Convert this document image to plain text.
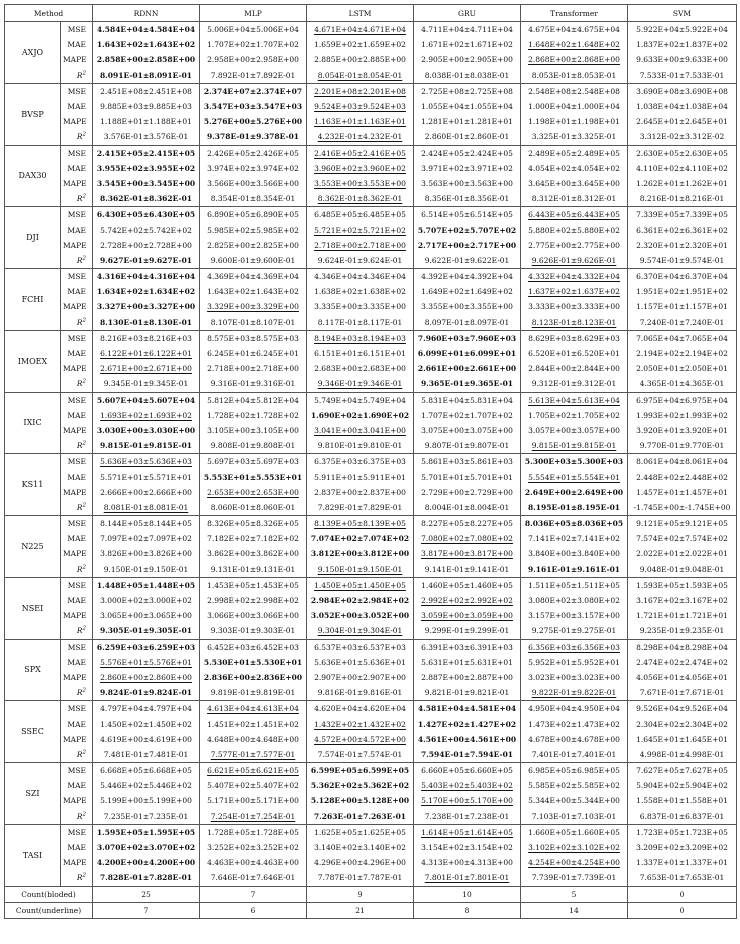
Method		RDNN	MLP	LSTM	GRU	Transformer	SVM
AXJO	MSE	4.584E+04±4.584E+04	5.006E+04±5.006E+04	4.671E+04±4.671E+04	4.711E+04±4.711E+04	4.675E+04±4.675E+04	5.922E+04±5.922E+04
	MAE	1.643E+02±1.643E+02	1.707E+02±1.707E+02	1.659E+02±1.659E+02	1.671E+02±1.671E+02	1.648E+02±1.648E+02	1.837E+02±1.837E+02
	MAPE	2.858E+00±2.858E+00	2.958E+00±2.958E+00	2.885E+00±2.885E+00	2.905E+00±2.905E+00	2.868E+00±2.868E+00	9.633E+00±9.633E+00
	$R^2$	8.091E-01±8.091E-01	7.892E-01±7.892E-01	8.054E-01±8.054E-01	8.038E-01±8.038E-01	8.053E-01±8.053E-01	7.533E-01±7.533E-01
BVSP	MSE	2.451E+08±2.451E+08	2.374E+07±2.374E+07	2.201E+08±2.201E+08	2.725E+08±2.725E+08	2.548E+08±2.548E+08	3.690E+08±3.690E+08
	MAE	9.885E+03±9.885E+03	3.547E+03±3.547E+03	9.524E+03±9.524E+03	1.055E+04±1.055E+04	1.000E+04±1.000E+04	1.038E+04±1.038E+04
	MAPE	1.188E+01±1.188E+01	5.276E+00±5.276E+00	1.163E+01±1.163E+01	1.281E+01±1.281E+01	1.198E+01±1.198E+01	2.645E+01±2.645E+01
	$R^2$	3.576E-01±3.576E-01	9.378E-01±9.378E-01	4.232E-01±4.232E-01	2.860E-01±2.860E-01	3.325E-01±3.325E-01	3.312E-02±3.312E-02
DAX30	MSE	2.415E+05±2.415E+05	2.426E+05±2.426E+05	2.416E+05±2.416E+05	2.424E+05±2.424E+05	2.489E+05±2.489E+05	2.630E+05±2.630E+05
	MAE	3.955E+02±3.955E+02	3.974E+02±3.974E+02	3.960E+02±3.960E+02	3.971E+02±3.971E+02	4.054E+02±4.054E+02	4.110E+02±4.110E+02
	MAPE	3.545E+00±3.545E+00	3.566E+00±3.566E+00	3.553E+00±3.553E+00	3.563E+00±3.563E+00	3.645E+00±3.645E+00	1.262E+01±1.262E+01
	$R^2$	8.362E-01±8.362E-01	8.354E-01±8.354E-01	8.362E-01±8.362E-01	8.356E-01±8.356E-01	8.312E-01±8.312E-01	8.216E-01±8.216E-01
DJI	MSE	6.430E+05±6.430E+05	6.890E+05±6.890E+05	6.485E+05±6.485E+05	6.514E+05±6.514E+05	6.443E+05±6.443E+05	7.339E+05±7.339E+05
	MAE	5.742E+02±5.742E+02	5.985E+02±5.985E+02	5.721E+02±5.721E+02	5.707E+02±5.707E+02	5.880E+02±5.880E+02	6.361E+02±6.361E+02
	MAPE	2.728E+00±2.728E+00	2.825E+00±2.825E+00	2.718E+00±2.718E+00	2.717E+00±2.717E+00	2.775E+00±2.775E+00	2.320E+01±2.320E+01
	$R^2$	9.627E-01±9.627E-01	9.600E-01±9.600E-01	9.624E-01±9.624E-01	9.622E-01±9.622E-01	9.626E-01±9.626E-01	9.574E-01±9.574E-01
FCHI	MSE	4.316E+04±4.316E+04	4.369E+04±4.369E+04	4.346E+04±4.346E+04	4.392E+04±4.392E+04	4.332E+04±4.332E+04	6.370E+04±6.370E+04
	MAE	1.634E+02±1.634E+02	1.643E+02±1.643E+02	1.638E+02±1.638E+02	1.649E+02±1.649E+02	1.637E+02±1.637E+02	1.951E+02±1.951E+02
	MAPE	3.327E+00±3.327E+00	3.329E+00±3.329E+00	3.335E+00±3.335E+00	3.355E+00±3.355E+00	3.333E+00±3.333E+00	1.157E+01±1.157E+01
	$R^2$	8.130E-01±8.130E-01	8.107E-01±8.107E-01	8.117E-01±8.117E-01	8.097E-01±8.097E-01	8.123E-01±8.123E-01	7.240E-01±7.240E-01
IMOEX	MSE	8.216E+03±8.216E+03	8.575E+03±8.575E+03	8.194E+03±8.194E+03	7.960E+03±7.960E+03	8.629E+03±8.629E+03	7.065E+04±7.065E+04
	MAE	6.122E+01±6.122E+01	6.245E+01±6.245E+01	6.151E+01±6.151E+01	6.099E+01±6.099E+01	6.520E+01±6.520E+01	2.194E+02±2.194E+02
	MAPE	2.671E+00±2.671E+00	2.718E+00±2.718E+00	2.683E+00±2.683E+00	2.661E+00±2.661E+00	2.844E+00±2.844E+00	2.050E+01±2.050E+01
	$R^2$	9.345E-01±9.345E-01	9.316E-01±9.316E-01	9.346E-01±9.346E-01	9.365E-01±9.365E-01	9.312E-01±9.312E-01	4.365E-01±4.365E-01
IXIC	MSE	5.607E+04±5.607E+04	5.812E+04±5.812E+04	5.749E+04±5.749E+04	5.831E+04±5.831E+04	5.613E+04±5.613E+04	6.975E+04±6.975E+04
	MAE	1.693E+02±1.693E+02	1.728E+02±1.728E+02	1.690E+02±1.690E+02	1.707E+02±1.707E+02	1.705E+02±1.705E+02	1.993E+02±1.993E+02
	MAPE	3.030E+00±3.030E+00	3.105E+00±3.105E+00	3.041E+00±3.041E+00	3.075E+00±3.075E+00	3.057E+00±3.057E+00	3.920E+01±3.920E+01
	$R^2$	9.815E-01±9.815E-01	9.808E-01±9.808E-01	9.810E-01±9.810E-01	9.807E-01±9.807E-01	9.815E-01±9.815E-01	9.770E-01±9.770E-01
KS11	MSE	5.636E+03±5.636E+03	5.697E+03±5.697E+03	6.375E+03±6.375E+03	5.861E+03±5.861E+03	5.300E+03±5.300E+03	8.061E+04±8.061E+04
	MAE	5.571E+01±5.571E+01	5.553E+01±5.553E+01	5.911E+01±5.911E+01	5.701E+01±5.701E+01	5.554E+01±5.554E+01	2.448E+02±2.448E+02
	MAPE	2.666E+00±2.666E+00	2.653E+00±2.653E+00	2.837E+00±2.837E+00	2.729E+00±2.729E+00	2.649E+00±2.649E+00	1.457E+01±1.457E+01
	$R^2$	8.081E-01±8.081E-01	8.060E-01±8.060E-01	7.829E-01±7.829E-01	8.004E-01±8.004E-01	8.195E-01±8.195E-01	-1.745E+00±-1.745E+00
N225	MSE	8.144E+05±8.144E+05	8.326E+05±8.326E+05	8.139E+05±8.139E+05	8.227E+05±8.227E+05	8.036E+05±8.036E+05	9.121E+05±9.121E+05
	MAE	7.097E+02±7.097E+02	7.182E+02±7.182E+02	7.074E+02±7.074E+02	7.080E+02±7.080E+02	7.141E+02±7.141E+02	7.574E+02±7.574E+02
	MAPE	3.826E+00±3.826E+00	3.862E+00±3.862E+00	3.812E+00±3.812E+00	3.817E+00±3.817E+00	3.840E+00±3.840E+00	2.022E+01±2.022E+01
	$R^2$	9.150E-01±9.150E-01	9.131E-01±9.131E-01	9.150E-01±9.150E-01	9.141E-01±9.141E-01	9.161E-01±9.161E-01	9.048E-01±9.048E-01
NSEI	MSE	1.448E+05±1.448E+05	1.453E+05±1.453E+05	1.450E+05±1.450E+05	1.460E+05±1.460E+05	1.511E+05±1.511E+05	1.593E+05±1.593E+05
	MAE	3.000E+02±3.000E+02	2.998E+02±2.998E+02	2.984E+02±2.984E+02	2.992E+02±2.992E+02	3.080E+02±3.080E+02	3.167E+02±3.167E+02
	MAPE	3.065E+00±3.065E+00	3.066E+00±3.066E+00	3.052E+00±3.052E+00	3.059E+00±3.059E+00	3.157E+00±3.157E+00	1.721E+01±1.721E+01
	$R^2$	9.305E-01±9.305E-01	9.303E-01±9.303E-01	9.304E-01±9.304E-01	9.299E-01±9.299E-01	9.275E-01±9.275E-01	9.235E-01±9.235E-01
SPX	MSE	6.259E+03±6.259E+03	6.452E+03±6.452E+03	6.537E+03±6.537E+03	6.391E+03±6.391E+03	6.356E+03±6.356E+03	8.298E+04±8.298E+04
	MAE	5.576E+01±5.576E+01	5.530E+01±5.530E+01	5.636E+01±5.636E+01	5.631E+01±5.631E+01	5.952E+01±5.952E+01	2.474E+02±2.474E+02
	MAPE	2.860E+00±2.860E+00	2.836E+00±2.836E+00	2.907E+00±2.907E+00	2.887E+00±2.887E+00	3.023E+00±3.023E+00	4.056E+01±4.056E+01
	$R^2$	9.824E-01±9.824E-01	9.819E-01±9.819E-01	9.816E-01±9.816E-01	9.821E-01±9.821E-01	9.822E-01±9.822E-01	7.671E-01±7.671E-01
SSEC	MSE	4.797E+04±4.797E+04	4.613E+04±4.613E+04	4.620E+04±4.620E+04	4.581E+04±4.581E+04	4.950E+04±4.950E+04	9.526E+04±9.526E+04
	MAE	1.450E+02±1.450E+02	1.451E+02±1.451E+02	1.432E+02±1.432E+02	1.427E+02±1.427E+02	1.473E+02±1.473E+02	2.304E+02±2.304E+02
	MAPE	4.619E+00±4.619E+00	4.648E+00±4.648E+00	4.572E+00±4.572E+00	4.561E+00±4.561E+00	4.678E+00±4.678E+00	1.645E+01±1.645E+01
	$R^2$	7.481E-01±7.481E-01	7.577E-01±7.577E-01	7.574E-01±7.574E-01	7.594E-01±7.594E-01	7.401E-01±7.401E-01	4.998E-01±4.998E-01
SZI	MSE	6.668E+05±6.668E+05	6.621E+05±6.621E+05	6.599E+05±6.599E+05	6.660E+05±6.660E+05	6.985E+05±6.985E+05	7.627E+05±7.627E+05
	MAE	5.446E+02±5.446E+02	5.407E+02±5.407E+02	5.362E+02±5.362E+02	5.403E+02±5.403E+02	5.585E+02±5.585E+02	5.904E+02±5.904E+02
	MAPE	5.199E+00±5.199E+00	5.171E+00±5.171E+00	5.128E+00±5.128E+00	5.170E+00±5.170E+00	5.344E+00±5.344E+00	1.558E+01±1.558E+01
	$R^2$	7.235E-01±7.235E-01	7.254E-01±7.254E-01	7.263E-01±7.263E-01	7.238E-01±7.238E-01	7.103E-01±7.103E-01	6.837E-01±6.837E-01
TASI	MSE	1.595E+05±1.595E+05	1.728E+05±1.728E+05	1.625E+05±1.625E+05	1.614E+05±1.614E+05	1.660E+05±1.660E+05	1.723E+05±1.723E+05
	MAE	3.070E+02±3.070E+02	3.252E+02±3.252E+02	3.140E+02±3.140E+02	3.154E+02±3.154E+02	3.102E+02±3.102E+02	3.209E+02±3.209E+02
	MAPE	4.200E+00±4.200E+00	4.463E+00±4.463E+00	4.296E+00±4.296E+00	4.313E+00±4.313E+00	4.254E+00±4.254E+00	1.337E+01±1.337E+01
	$R^2$	7.828E-01±7.828E-01	7.646E-01±7.646E-01	7.787E-01±7.787E-01	7.801E-01±7.801E-01	7.739E-01±7.739E-01	7.653E-01±7.653E-01
Count(bloded)		25	7	9	10	5	0
Count(underline)		7	6	21	8	14	0
